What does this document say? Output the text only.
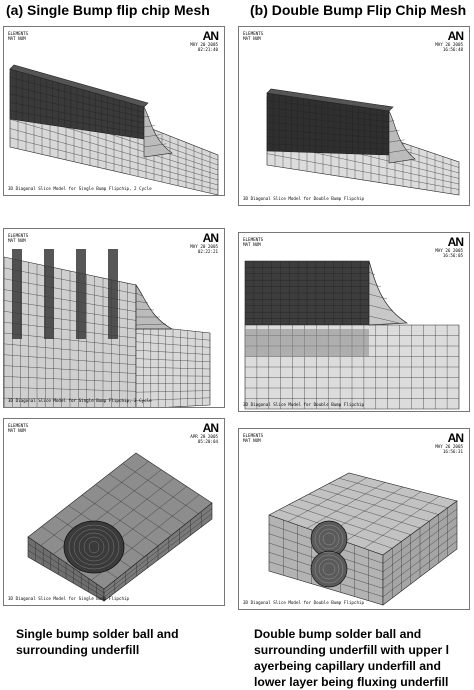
(a) Single Bump flip chip Mesh	(b) Double Bump Flip Chip Mesh
ELEMENTS
MAT NUM	AN
MAY 20 2005
02:21:40
3D Diagonal Slice Model for Single Bump Flipchip, 2 Cycle
ELEMENTS
MAT NUM	AN
MAY 26 2005
16:56:48
3D Diagonal Slice Model for Double Bump Flipchip
ELEMENTS
MAT NUM	AN
MAY 20 2005
02:22:21
3D Diagonal Slice Model for Single Bump Flipchip, 2 Cycle
ELEMENTS
MAT NUM	AN
MAY 26 2005
16:56:05
3D Diagonal Slice Model for Double Bump Flipchip
ELEMENTS
MAT NUM	AN
APR 28 2005
05:20:04
3D Diagonal Slice Model for Single Bump Flipchip
ELEMENTS
MAT NUM	AN
MAY 26 2005
16:56:31
3D Diagonal Slice Model for Double Bump Flipchip
Single bump solder ball and surrounding underfill
Double bump solder ball and surrounding underfill with upper l ayerbeing capillary underfill and lower layer being fluxing underfill
